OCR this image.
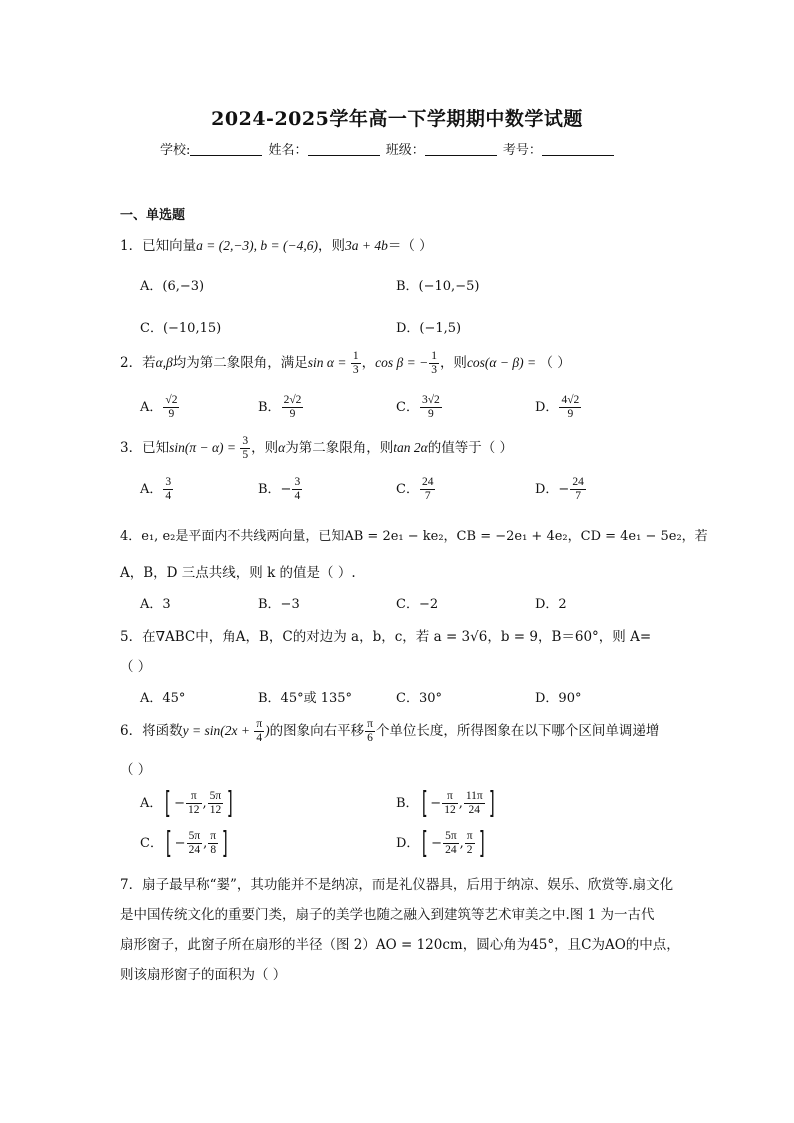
2024-2025学年高一下学期期中数学试题
学校:	姓名：	班级：	考号：
一、单选题
1．已知向量a = (2,−3), b = (−4,6)，则3a + 4b＝（ ）
A．(6,−3)	B．(−10,−5)
C．(−10,15)	D．(−1,5)
2．若α,β均为第二象限角，满足$\sin \alpha = \frac{1}{3}$ ，cos β = − $\frac{1}{3}$ ，则cos(α − β) = （ ）
A． $\frac{√2}{9}$	B． $\frac{2√2}{9}$	C． $\frac{3√2}{9}$	D． $\frac{4√2}{9}$
3．已知$\sin(\pi - \alpha) = \frac{3}{5}$ ，则α为第二象限角，则tan 2α的值等于（ ）
A． $\frac{3}{4}$	B．− $\frac{3}{4}$	C． $\frac{24}{7}$	D．− $\frac{24}{7}$
4．e₁, e₂是平面内不共线两向量，已知AB = 2e₁ − ke₂，CB = −2e₁ + 4e₂，CD = 4e₁ − 5e₂，若
A，B，D 三点共线，则 k 的值是（ ）.
A．3	B．−3	C．−2	D．2
5．在∇ABC中，角A，B，C的对边为 a，b，c，若 a = 3√6，b = 9，B＝60°，则 A=
（ ）
A．45°	B．45°或 135°	C．30°	D．90°
6．将函数$y = \sin(2x + \frac{\pi}{4}$ )的图象向右平移 $\frac{\pi}{6}$ 个单位长度，所得图象在以下哪个区间单调递增
（ ）
A．[ − $\frac{\pi}{12}$ , $\frac{5\pi}{12}$ ]	B．[ − $\frac{\pi}{12}$ , $\frac{11\pi}{24}$ ]
C．[ − $\frac{5\pi}{24}$ , $\frac{\pi}{8}$ ]	D．[ − $\frac{5\pi}{24}$ , $\frac{\pi}{2}$ ]
7．扇子最早称“翣”，其功能并不是纳凉，而是礼仪器具，后用于纳凉、娱乐、欣赏等.扇文化
是中国传统文化的重要门类，扇子的美学也随之融入到建筑等艺术审美之中.图 1 为一古代
扇形窗子，此窗子所在扇形的半径（图 2）AO = 120cm，圆心角为45°，且C为AO的中点，
则该扇形窗子的面积为（ ）
